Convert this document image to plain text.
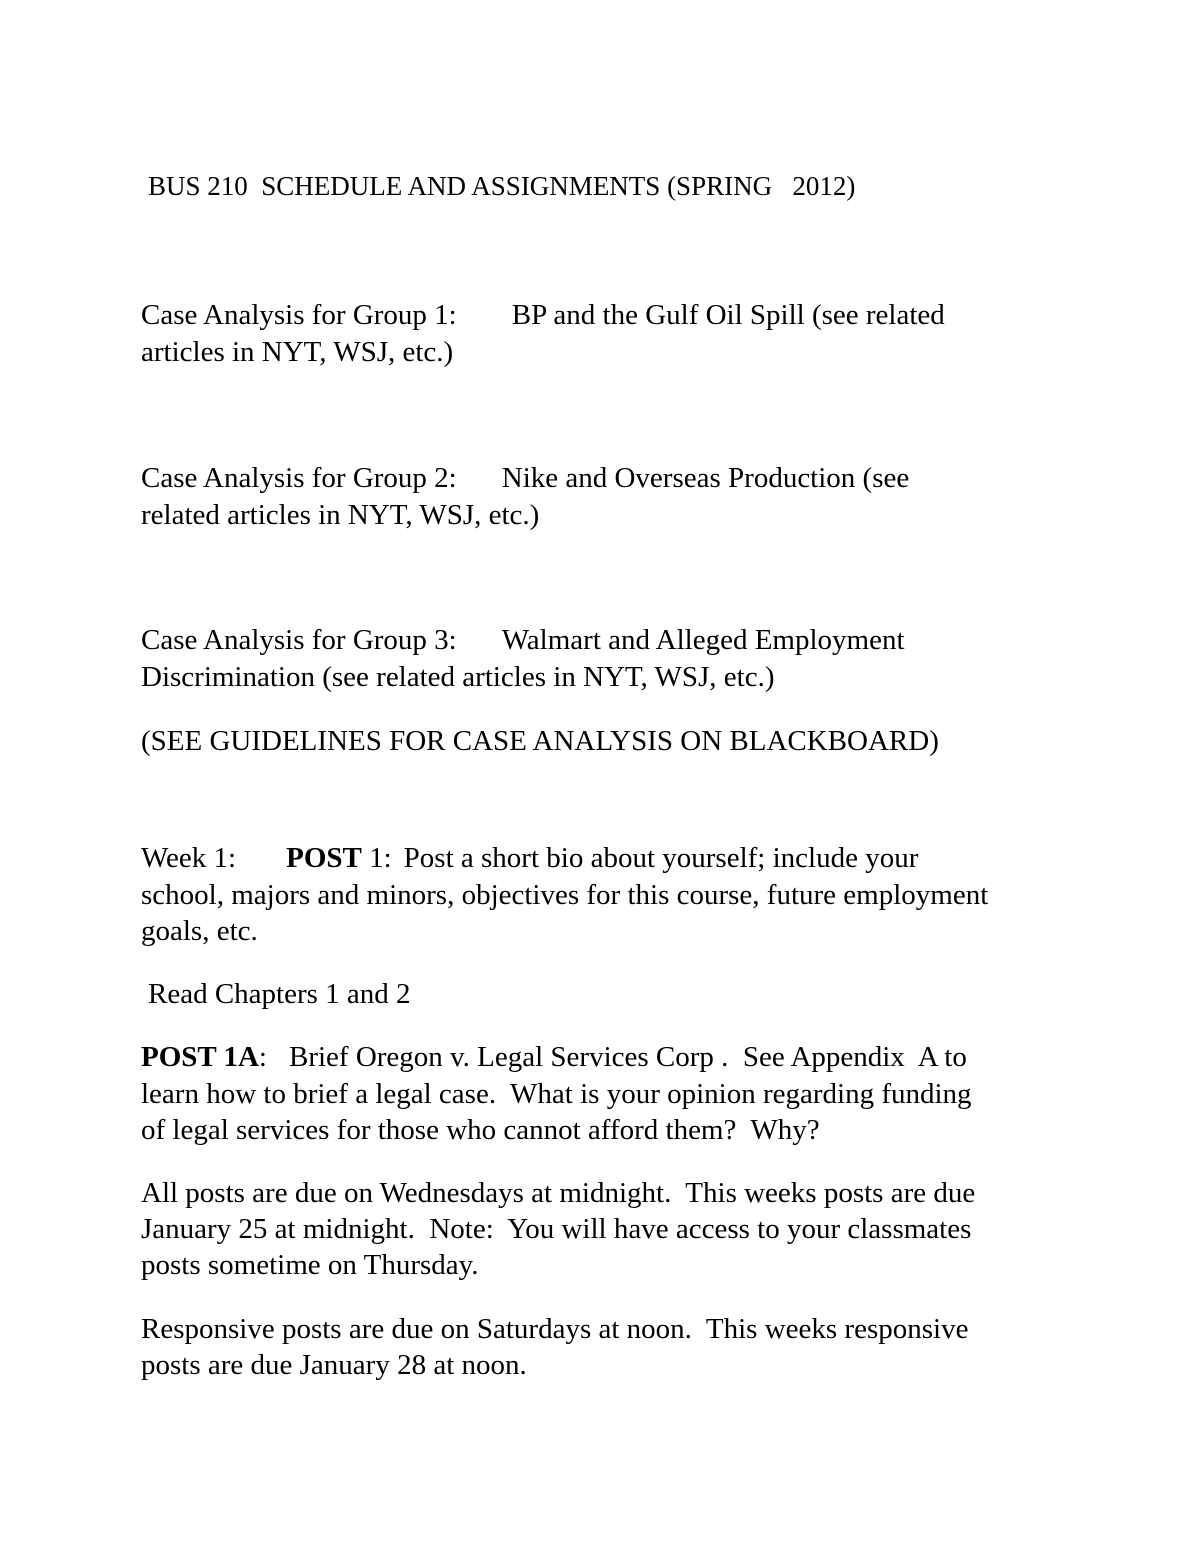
BUS 210  SCHEDULE AND ASSIGNMENTS (SPRING   2012)

Case Analysis for Group 1: BP and the Gulf Oil Spill (see related

articles in NYT, WSJ, etc.)

Case Analysis for Group 2: Nike and Overseas Production (see

related articles in NYT, WSJ, etc.)

Case Analysis for Group 3: Walmart and Alleged Employment

Discrimination (see related articles in NYT, WSJ, etc.)

(SEE GUIDELINES FOR CASE ANALYSIS ON BLACKBOARD)

Week 1: POST 1: Post a short bio about yourself; include your

school, majors and minors, objectives for this course, future employment

goals, etc.

Read Chapters 1 and 2

POST 1A: Brief Oregon v. Legal Services Corp .  See Appendix  A to

learn how to brief a legal case.  What is your opinion regarding funding

of legal services for those who cannot afford them?  Why?

All posts are due on Wednesdays at midnight.  This weeks posts are due

January 25 at midnight.  Note:  You will have access to your classmates

posts sometime on Thursday.

Responsive posts are due on Saturdays at noon.  This weeks responsive

posts are due January 28 at noon.
